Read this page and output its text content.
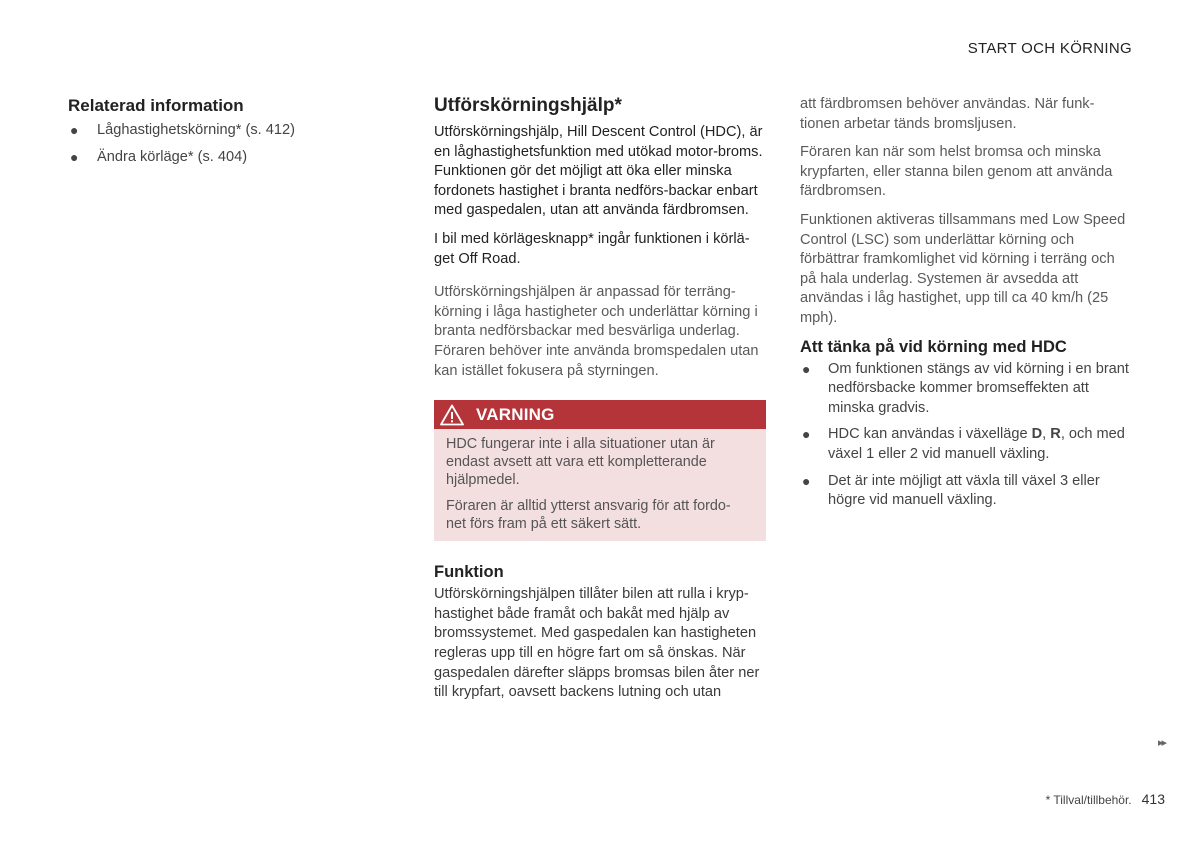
START OCH KÖRNING
Relaterad information
● Låghastighetskörning* (s. 412)
● Ändra körläge* (s. 404)
Utförskörningshjälp*

Utförskörningshjälp, Hill Descent Control (HDC), är en låghastighetsfunktion med utökad motor-broms. Funktionen gör det möjligt att öka eller minska fordonets hastighet i branta nedförs-backar enbart med gaspedalen, utan att använda färdbromsen.

I bil med körlägesknapp* ingår funktionen i körlä-get Off Road.

Utförskörningshjälpen är anpassad för terräng-körning i låga hastigheter och underlättar körning i branta nedförsbackar med besvärliga underlag. Föraren behöver inte använda bromspedalen utan kan istället fokusera på styrningen.

VARNING

HDC fungerar inte i alla situationer utan är endast avsett att vara ett kompletterande hjälpmedel.

Föraren är alltid ytterst ansvarig för att fordo-net förs fram på ett säkert sätt.

Funktion

Utförskörningshjälpen tillåter bilen att rulla i kryp-hastighet både framåt och bakåt med hjälp av bromssystemet. Med gaspedalen kan hastigheten regleras upp till en högre fart om så önskas. När gaspedalen därefter släpps bromsas bilen åter ner till krypfart, oavsett backens lutning och utan

att färdbromsen behöver användas. När funk-tionen arbetar tänds bromsljusen.

Föraren kan när som helst bromsa och minska krypfarten, eller stanna bilen genom att använda färdbromsen.

Funktionen aktiveras tillsammans med Low Speed Control (LSC) som underlättar körning och förbättrar framkomlighet vid körning i terräng och på hala underlag. Systemen är avsedda att användas i låg hastighet, upp till ca 40 km/h (25 mph).

Att tänka på vid körning med HDC
● Om funktionen stängs av vid körning i en brant nedförsbacke kommer bromseffekten att minska gradvis.
● HDC kan användas i växelläge D, R, och med växel 1 eller 2 vid manuell växling.
● Det är inte möjligt att växla till växel 3 eller högre vid manuell växling.
▸▸
* Tillval/tillbehör. 413
